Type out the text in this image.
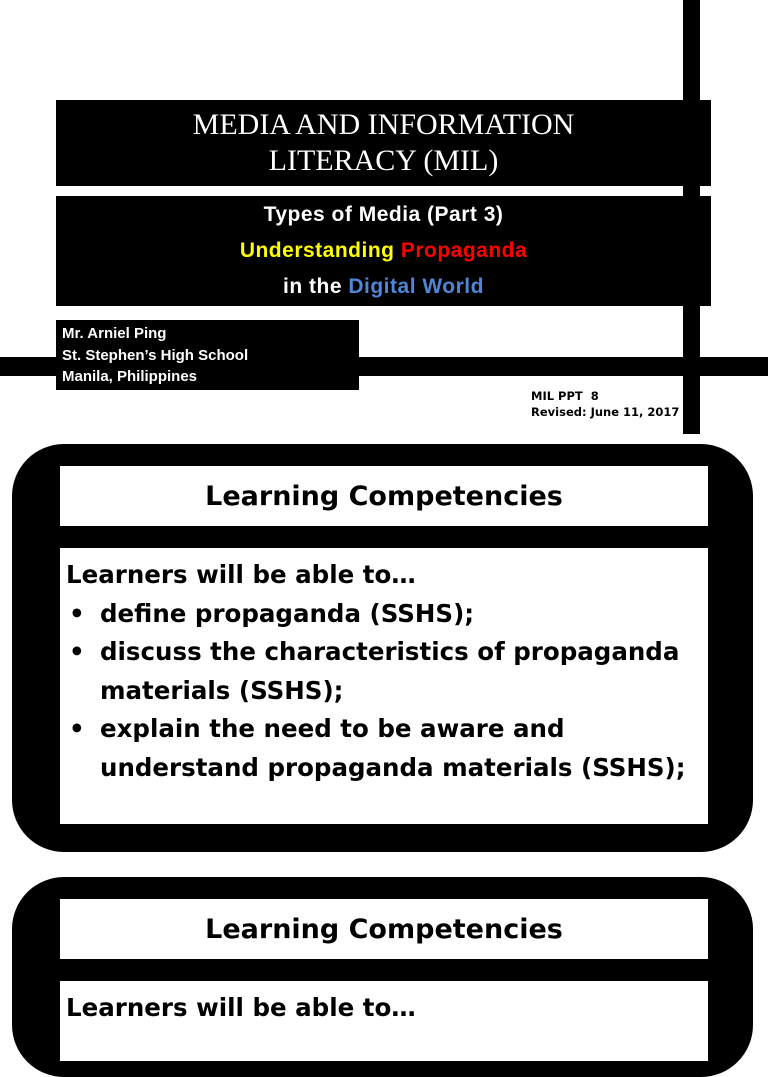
MEDIA AND INFORMATION
LITERACY (MIL)
Types of Media (Part 3)
Understanding Propaganda
in the Digital World
Mr. Arniel Ping
St. Stephen’s High School
Manila, Philippines
MIL PPT  8
Revised: June 11, 2017
Learning Competencies
Learners will be able to…
• define propaganda (SSHS);
• discuss the characteristics of propaganda materials (SSHS);
• explain the need to be aware and understand propaganda materials (SSHS);
Learning Competencies
Learners will be able to…
